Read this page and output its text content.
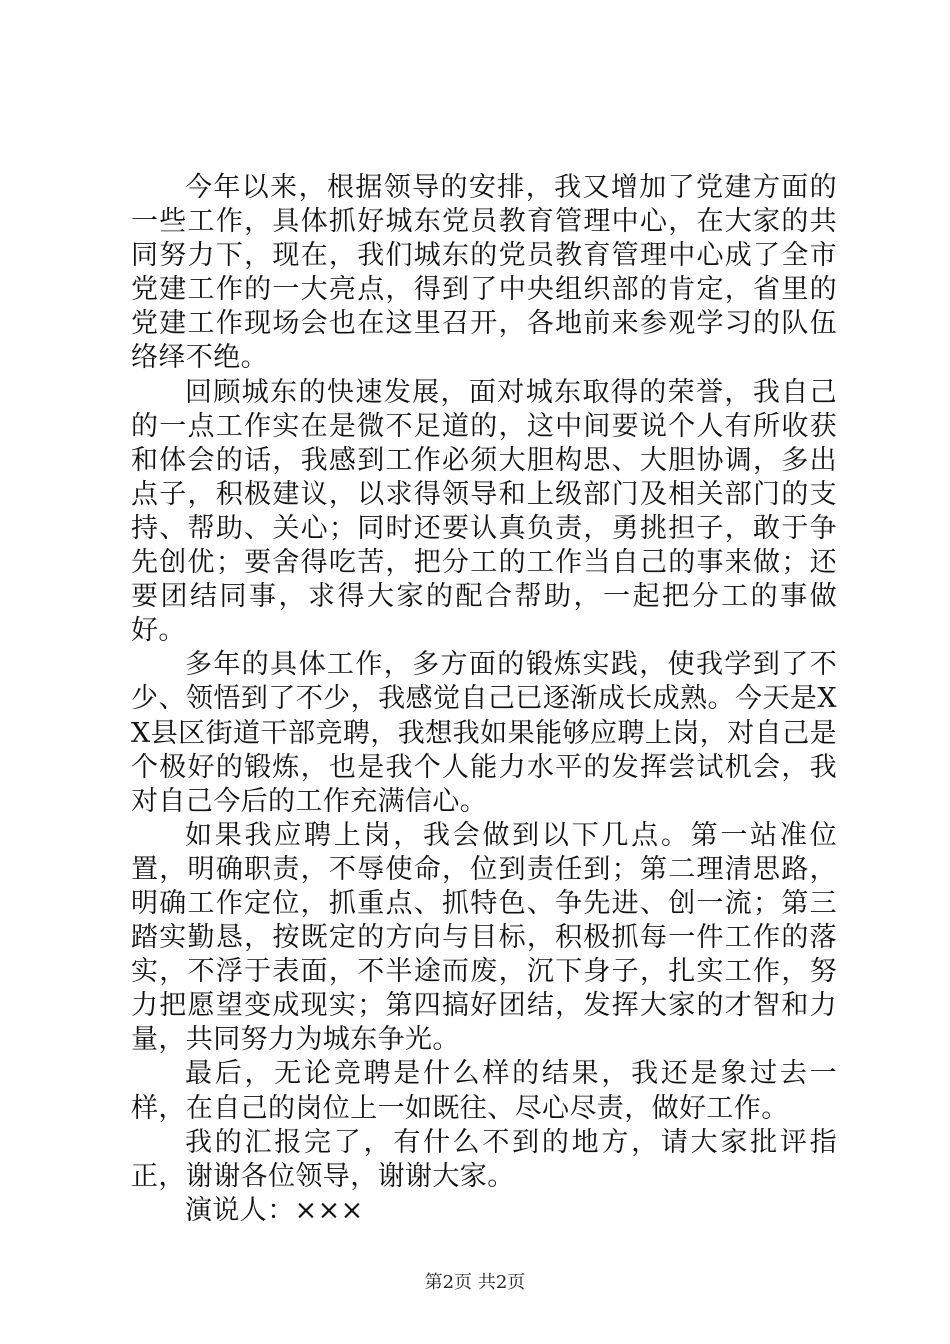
今年以来，根据领导的安排，我又增加了党建方面的一些工作，具体抓好城东党员教育管理中心，在大家的共同努力下，现在，我们城东的党员教育管理中心成了全市党建工作的一大亮点，得到了中央组织部的肯定，省里的党建工作现场会也在这里召开，各地前来参观学习的队伍络绎不绝。

回顾城东的快速发展，面对城东取得的荣誉，我自己的一点工作实在是微不足道的，这中间要说个人有所收获和体会的话，我感到工作必须大胆构思、大胆协调，多出点子，积极建议，以求得领导和上级部门及相关部门的支持、帮助、关心；同时还要认真负责，勇挑担子，敢于争先创优；要舍得吃苦，把分工的工作当自己的事来做；还要团结同事，求得大家的配合帮助，一起把分工的事做好。

多年的具体工作，多方面的锻炼实践，使我学到了不少、领悟到了不少，我感觉自己已逐渐成长成熟。今天是XX县区街道干部竞聘，我想我如果能够应聘上岗，对自己是个极好的锻炼，也是我个人能力水平的发挥尝试机会，我对自己今后的工作充满信心。

如果我应聘上岗，我会做到以下几点。第一站准位置，明确职责，不辱使命，位到责任到；第二理清思路，明确工作定位，抓重点、抓特色、争先进、创一流；第三踏实勤恳，按既定的方向与目标，积极抓每一件工作的落实，不浮于表面，不半途而废，沉下身子，扎实工作，努力把愿望变成现实；第四搞好团结，发挥大家的才智和力量，共同努力为城东争光。

最后，无论竞聘是什么样的结果，我还是象过去一样，在自己的岗位上一如既往、尽心尽责，做好工作。

我的汇报完了，有什么不到的地方，请大家批评指正，谢谢各位领导，谢谢大家。

演说人：×××

第2页 共2页
